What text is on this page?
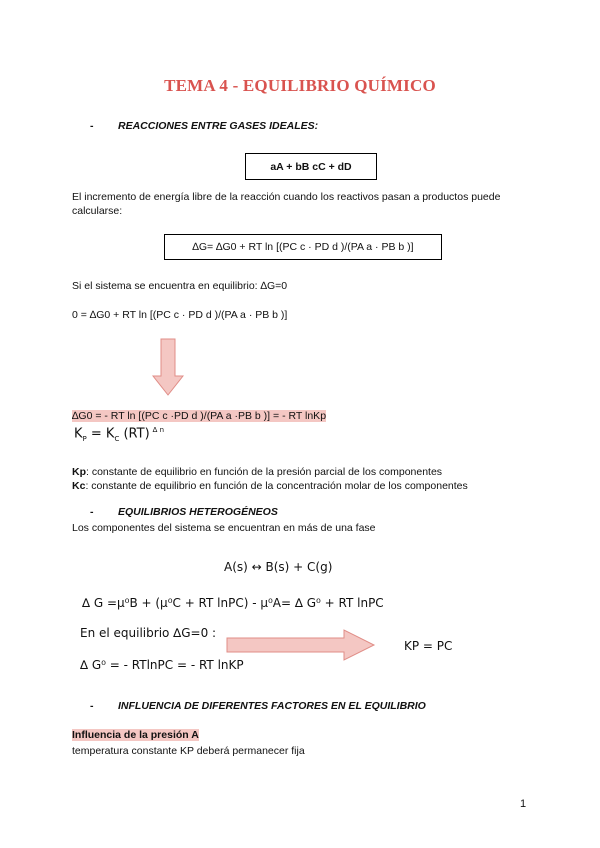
TEMA 4 - EQUILIBRIO QUÍMICO
- REACCIONES ENTRE GASES IDEALES:
aA + bB cC + dD
El incremento de energía libre de la reacción cuando los reactivos pasan a productos puede calcularse:
∆G= ∆G0 + RT ln [(PC c · PD d )/(PA a · PB b )]
Si el sistema se encuentra en equilibrio: ∆G=0
0 = ∆G0 + RT ln [(PC c · PD d )/(PA a · PB b )]
∆G0 = - RT ln [(PC c ·PD d )/(PA a ·PB b )] = - RT lnKp
$K_P = K_C$ (RT) $^{\Delta n}$
Kp: constante de equilibrio en función de la presión parcial de los componentes
Kc: constante de equilibrio en función de la concentración molar de los componentes
- EQUILIBRIOS HETEROGÉNEOS
Los componentes del sistema se encuentran en más de una fase
A(s) ↔ B(s) + C(g)
∆ G =μ⁰B + (μ⁰C + RT lnPC) - μ⁰A= ∆ G⁰ + RT lnPC
En el equilibrio ∆G=0 :
KP = PC
∆ G⁰ = - RTlnPC = - RT lnKP
- INFLUENCIA DE DIFERENTES FACTORES EN EL EQUILIBRIO
Influencia de la presión A
temperatura constante KP deberá permanecer fija
1
